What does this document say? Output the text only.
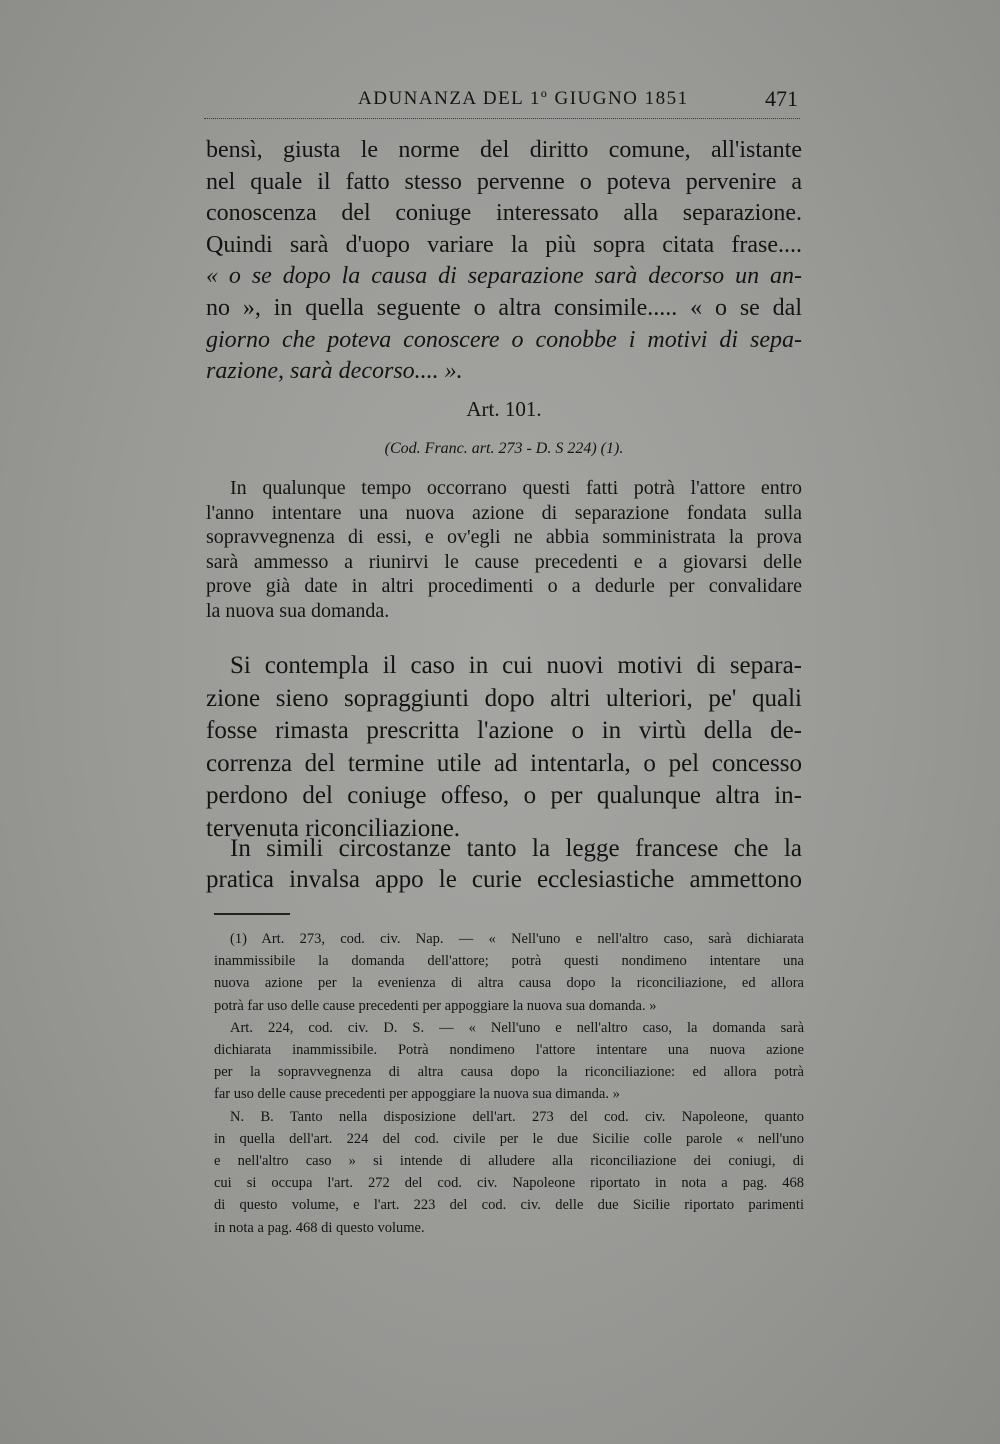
ADUNANZA DEL 1º GIUGNO 1851	471
bensì, giusta le norme del diritto comune, all'istante
nel quale il fatto stesso pervenne o poteva pervenire a
conoscenza del coniuge interessato alla separazione.
Quindi sarà d'uopo variare la più sopra citata frase....
« o se dopo la causa di separazione sarà decorso un an-
no », in quella seguente o altra consimile..... « o se dal
giorno che poteva conoscere o conobbe i motivi di sepa-
razione, sarà decorso.... ».
Art. 101.
(Cod. Franc. art. 273 - D. S 224) (1).
In qualunque tempo occorrano questi fatti potrà l'attore entro
l'anno intentare una nuova azione di separazione fondata sulla
sopravvegnenza di essi, e ov'egli ne abbia somministrata la prova
sarà ammesso a riunirvi le cause precedenti e a giovarsi delle
prove già date in altri procedimenti o a dedurle per convalidare
la nuova sua domanda.
Si contempla il caso in cui nuovi motivi di separa-
zione sieno sopraggiunti dopo altri ulteriori, pe' quali
fosse rimasta prescritta l'azione o in virtù della de-
correnza del termine utile ad intentarla, o pel concesso
perdono del coniuge offeso, o per qualunque altra in-
tervenuta riconciliazione.
In simili circostanze tanto la legge francese che la
pratica invalsa appo le curie ecclesiastiche ammettono
(1) Art. 273, cod. civ. Nap. — « Nell'uno e nell'altro caso, sarà dichiarata
inammissibile la domanda dell'attore; potrà questi nondimeno intentare una
nuova azione per la evenienza di altra causa dopo la riconciliazione, ed allora
potrà far uso delle cause precedenti per appoggiare la nuova sua domanda. »
Art. 224, cod. civ. D. S. — « Nell'uno e nell'altro caso, la domanda sarà
dichiarata inammissibile. Potrà nondimeno l'attore intentare una nuova azione
per la sopravvegnenza di altra causa dopo la riconciliazione: ed allora potrà
far uso delle cause precedenti per appoggiare la nuova sua dimanda. »
N. B. Tanto nella disposizione dell'art. 273 del cod. civ. Napoleone, quanto
in quella dell'art. 224 del cod. civile per le due Sicilie colle parole « nell'uno
e nell'altro caso » si intende di alludere alla riconciliazione dei coniugi, di
cui si occupa l'art. 272 del cod. civ. Napoleone riportato in nota a pag. 468
di questo volume, e l'art. 223 del cod. civ. delle due Sicilie riportato parimenti
in nota a pag. 468 di questo volume.
